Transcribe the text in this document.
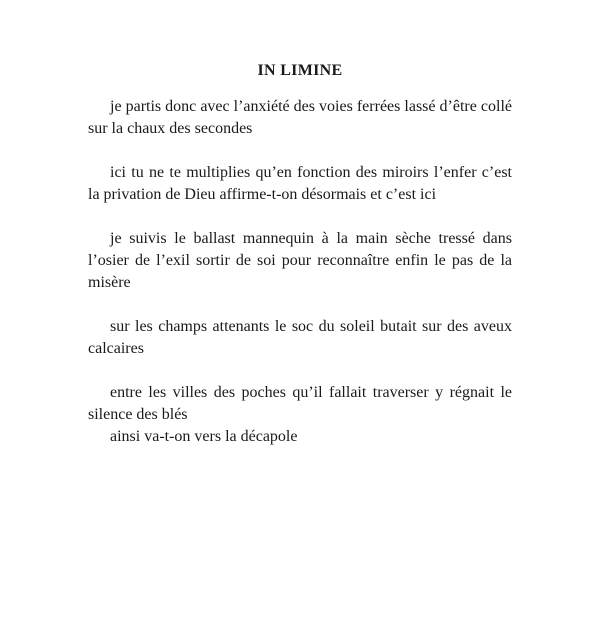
IN LIMINE

je partis donc avec l’anxiété des voies ferrées lassé d’être collé sur la chaux des secondes

ici tu ne te multiplies qu’en fonction des miroirs l’enfer c’est la privation de Dieu affirme-t-on désormais et c’est ici

je suivis le ballast mannequin à la main sèche tressé dans l’osier de l’exil sortir de soi pour reconnaître enfin le pas de la misère

sur les champs attenants le soc du soleil butait sur des aveux calcaires

entre les villes des poches qu’il fallait traverser y régnait le silence des blés

ainsi va-t-on vers la décapole
